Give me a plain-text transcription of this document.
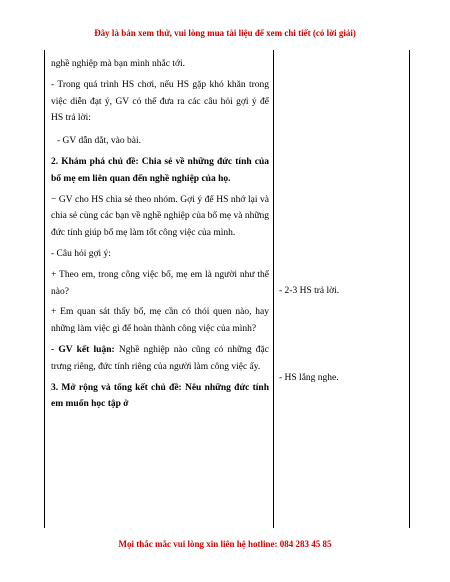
Đây là bản xem thử, vui lòng mua tài liệu để xem chi tiết (có lời giải)

nghề nghiệp mà bạn mình nhắc tới.

- Trong quá trình HS chơi, nếu HS gặp khó khăn trong việc diễn đạt ý, GV có thể đưa ra các câu hỏi gợi ý để HS trả lời:

- GV dẫn dắt, vào bài.

2. Khám phá chủ đề: Chia sẻ về những đức tính của bố mẹ em liên quan đến nghề nghiệp của họ.

− GV cho HS chia sẻ theo nhóm. Gợi ý để HS nhớ lại và chia sẻ cùng các bạn về nghề nghiệp của bố mẹ và những đức tính giúp bố mẹ làm tốt công việc của mình.

- Câu hỏi gợi ý:

+ Theo em, trong công việc bố, mẹ em là người như thế nào?

+ Em quan sát thấy bố, mẹ cần có thói quen nào, hay những làm việc gì để hoàn thành công việc của mình?

- GV kết luận: Nghề nghiệp nào cũng có những đặc trưng riêng, đức tính riêng của người làm công việc ấy.

3. Mở rộng và tổng kết chủ đề: Nêu những đức tính em muốn học tập ở

- 2-3 HS trả lời.
- HS lắng nghe.
Mọi thắc mắc vui lòng xin liên hệ hotline: 084 283 45 85
